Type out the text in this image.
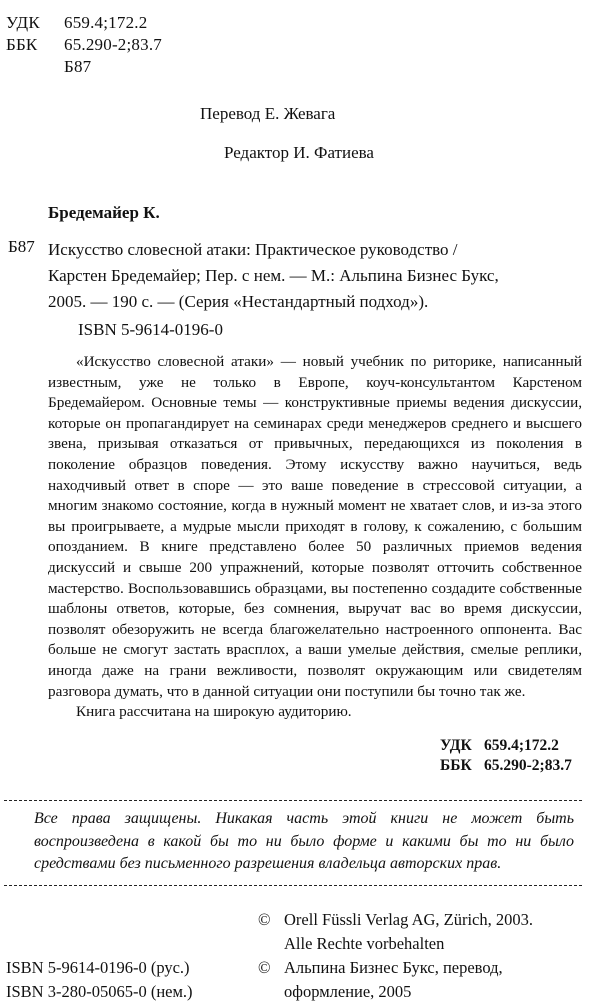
УДК 659.4;172.2
ББК 65.290-2;83.7
Б87
Перевод Е. Жевага
Редактор И. Фатиева
Бредемайер К.
Б87 Искусство словесной атаки: Практическое руководство /
Карстен Бредемайер; Пер. с нем. — М.: Альпина Бизнес Букс,
2005. — 190 с. — (Серия «Нестандартный подход»).
ISBN 5-9614-0196-0

«Искусство словесной атаки» — новый учебник по риторике, написанный известным, уже не только в Европе, коуч-консультантом Карстеном Бредемайером. Основные темы — конструктивные приемы ведения дискуссии, которые он пропагандирует на семинарах среди менеджеров среднего и высшего звена, призывая отказаться от привычных, передающихся из поколения в поколение образцов поведения. Этому искусству важно научиться, ведь находчивый ответ в споре — это ваше поведение в стрессовой ситуации, а многим знакомо состояние, когда в нужный момент не хватает слов, и из-за этого вы проигрываете, а мудрые мысли приходят в голову, к сожалению, с большим опозданием. В книге представлено более 50 различных приемов ведения дискуссий и свыше 200 упражнений, которые позволят отточить собственное мастерство. Воспользовавшись образцами, вы постепенно создадите собственные шаблоны ответов, которые, без сомнения, выручат вас во время дискуссии, позволят обезоружить не всегда благожелательно настроенного оппонента. Вас больше не смогут застать врасплох, а ваши умелые действия, смелые реплики, иногда даже на грани вежливости, позволят окружающим или свидетелям разговора думать, что в данной ситуации они поступили бы точно так же.

Книга рассчитана на широкую аудиторию.

УДК 659.4;172.2
ББК 65.290-2;83.7
Все права защищены. Никакая часть этой книги не может быть воспроизведена в какой бы то ни было форме и какими бы то ни было средствами без письменного разрешения владельца авторских прав.
© Orell Füssli Verlag AG, Zürich, 2003.
Alle Rechte vorbehalten
© Альпина Бизнес Букс, перевод,
оформление, 2005
ISBN 5-9614-0196-0 (рус.)
ISBN 3-280-05065-0 (нем.)
